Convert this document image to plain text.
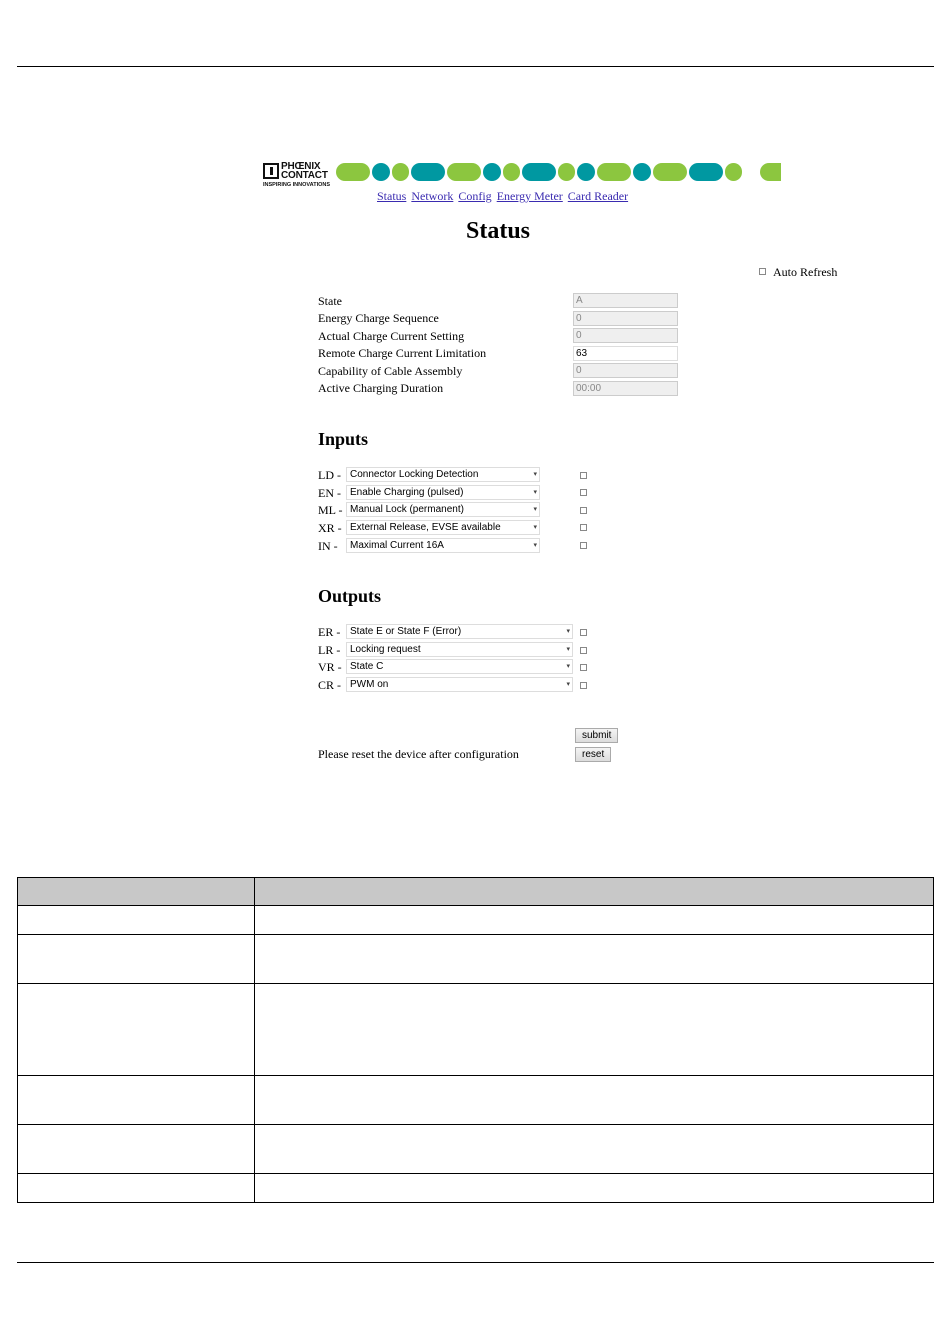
PHŒNIX
CONTACT
INSPIRING INNOVATIONS
Status Network Config Energy Meter Card Reader
Status
Auto Refresh
State	A
Energy Charge Sequence	0
Actual Charge Current Setting	0
Remote Charge Current Limitation	63
Capability of Cable Assembly	0
Active Charging Duration	00:00
Inputs
LD - Connector Locking Detection	▾
EN - Enable Charging (pulsed)	▾
ML - Manual Lock (permanent)	▾
XR - External Release, EVSE available	▾
IN -	Maximal Current 16A	▾
Outputs
ER - State E or State F (Error)	▾
LR - Locking request	▾
VR - State C	▾
CR - PWM on	▾
submit
Please reset the device after configuration	reset
